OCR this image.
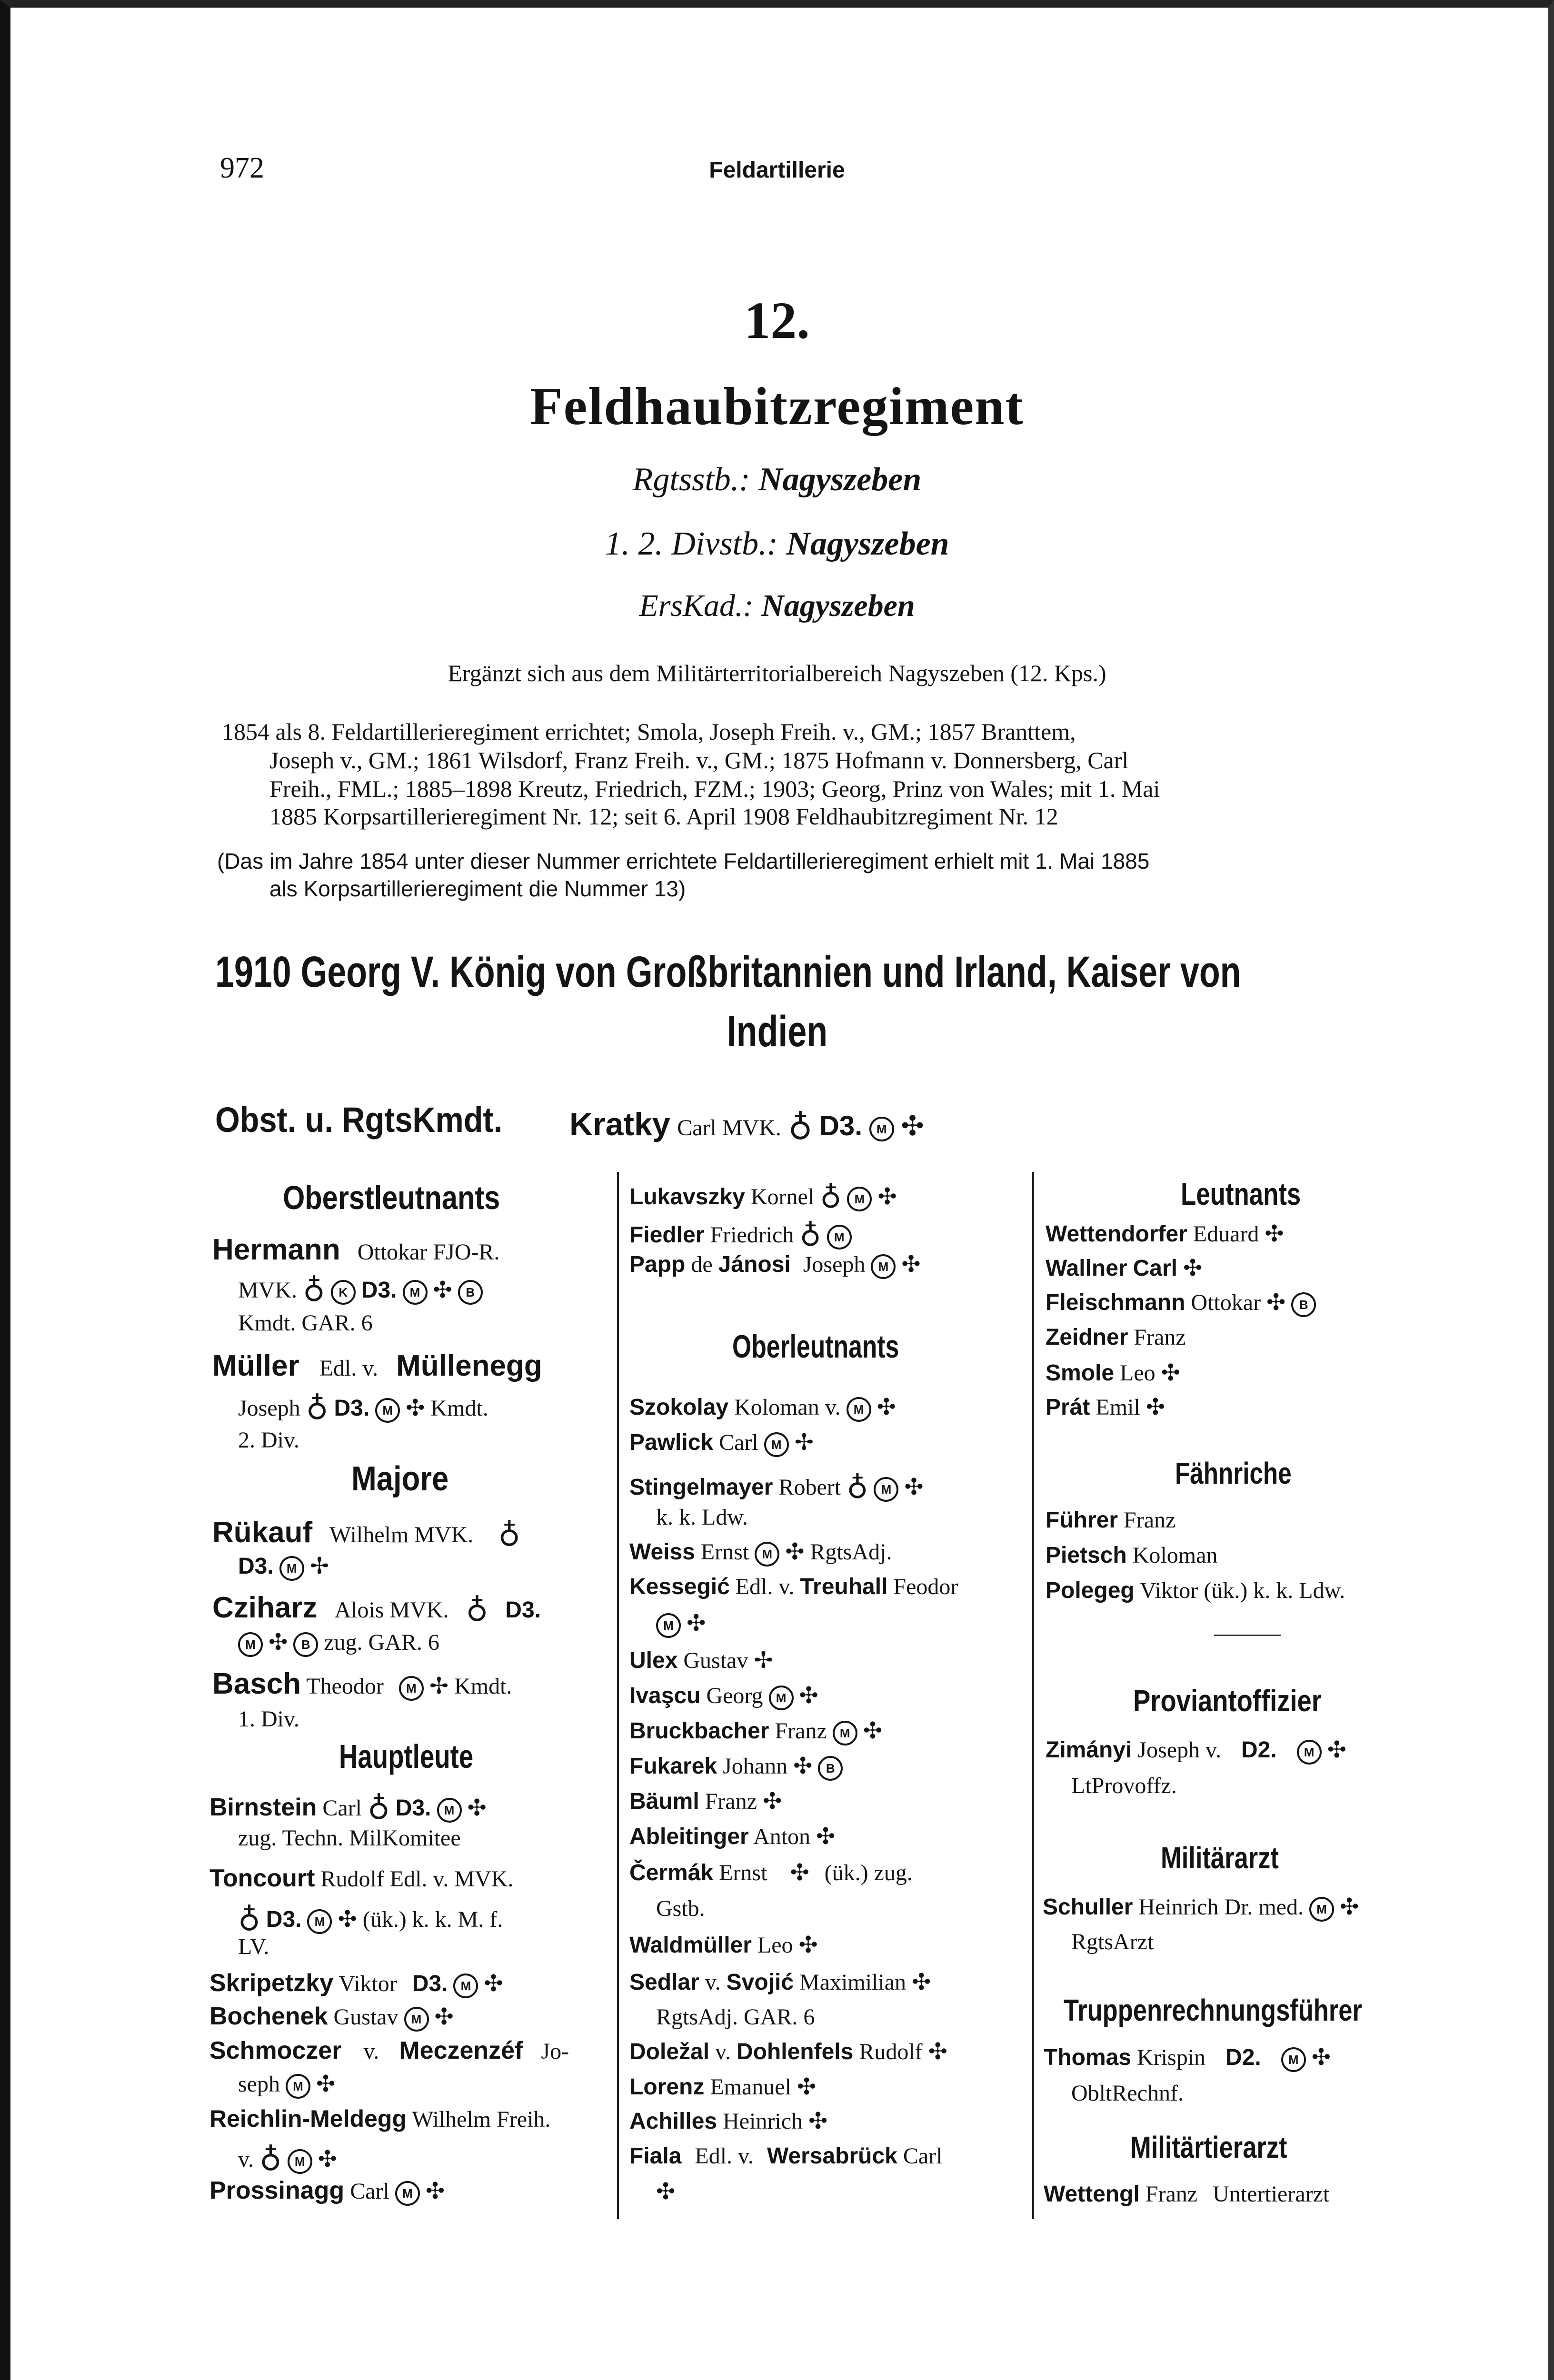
972	Feldartillerie
12.
Feldhaubitzregiment
Rgtsstb.: Nagyszeben
1. 2. Divstb.: Nagyszeben
ErsKad.: Nagyszeben
Ergänzt sich aus dem Militärterritorialbereich Nagyszeben (12. Kps.)
1854 als 8. Feldartillerieregiment errichtet; Smola, Joseph Freih. v., GM.; 1857 Branttem,
Joseph v., GM.; 1861 Wilsdorf, Franz Freih. v., GM.; 1875 Hofmann v. Donnersberg, Carl
Freih., FML.; 1885–1898 Kreutz, Friedrich, FZM.; 1903; Georg, Prinz von Wales; mit 1. Mai
1885 Korpsartillerieregiment Nr. 12; seit 6. April 1908 Feldhaubitzregiment Nr. 12
(Das im Jahre 1854 unter dieser Nummer errichtete Feldartillerieregiment erhielt mit 1. Mai 1885
als Korpsartillerieregiment die Nummer 13)
1910 Georg V. König von Großbritannien und Irland, Kaiser von
Indien
Obst. u. RgtsKmdt.	Kratky Carl MVK. ♁ D3. M ✣
Oberstleutnants
Hermann Ottokar FJO-R.
MVK. ♁ K D3. M ✣ B
Kmdt. GAR. 6
Müller Edl. v. Müllenegg
Joseph ♁ D3. M ✣ Kmdt.
2. Div.
Majore
Rükauf Wilhelm MVK. ♁
D3. M ✢
Cziharz Alois MVK. ♁ D3.
M ✣ B zug. GAR. 6
Basch Theodor M ✢ Kmdt.
1. Div.
Hauptleute
Birnstein Carl ♁ D3. M ✣
zug. Techn. MilKomitee
Toncourt Rudolf Edl. v. MVK.
♁ D3. M ✣ (ük.) k. k. M. f.
LV.
Skripetzky Viktor D3. M ✣
Bochenek Gustav M ✣
Schmoczer v. Meczenzéf Jo-
seph M ✣
Reichlin-Meldegg Wilhelm Freih.
v. ♁ M ✣
Prossinagg Carl M ✣
Lukavszky Kornel ♁ M ✣
Fiedler Friedrich ♁ M
Papp de Jánosi Joseph M ✣
Oberleutnants
Szokolay Koloman v. M ✣
Pawlick Carl M ✢
Stingelmayer Robert ♁ M ✣
k. k. Ldw.
Weiss Ernst M ✣ RgtsAdj.
Kessegić Edl. v. Treuhall Feodor
M ✣
Ulex Gustav ✢
Ivaşcu Georg M ✣
Bruckbacher Franz M ✣
Fukarek Johann ✣ B
Bäuml Franz ✣
Ableitinger Anton ✣
Čermák Ernst ✣ (ük.) zug.
Gstb.
Waldmüller Leo ✣
Sedlar v. Svojić Maximilian ✣
RgtsAdj. GAR. 6
Doležal v. Dohlenfels Rudolf ✣
Lorenz Emanuel ✣
Achilles Heinrich ✣
Fiala Edl. v. Wersabrück Carl
✣
Leutnants
Wettendorfer Eduard ✣
Wallner Carl ✣
Fleischmann Ottokar ✣ B
Zeidner Franz
Smole Leo ✣
Prát Emil ✣
Fähnriche
Führer Franz
Pietsch Koloman
Polegeg Viktor (ük.) k. k. Ldw.
Proviantoffizier
Zimányi Joseph v. D2. M ✣
LtProvoffz.
Militärarzt
Schuller Heinrich Dr. med. M ✣
RgtsArzt
Truppenrechnungsführer
Thomas Krispin D2. M ✣
ObltRechnf.
Militärtierarzt
Wettengl Franz Untertierarzt
